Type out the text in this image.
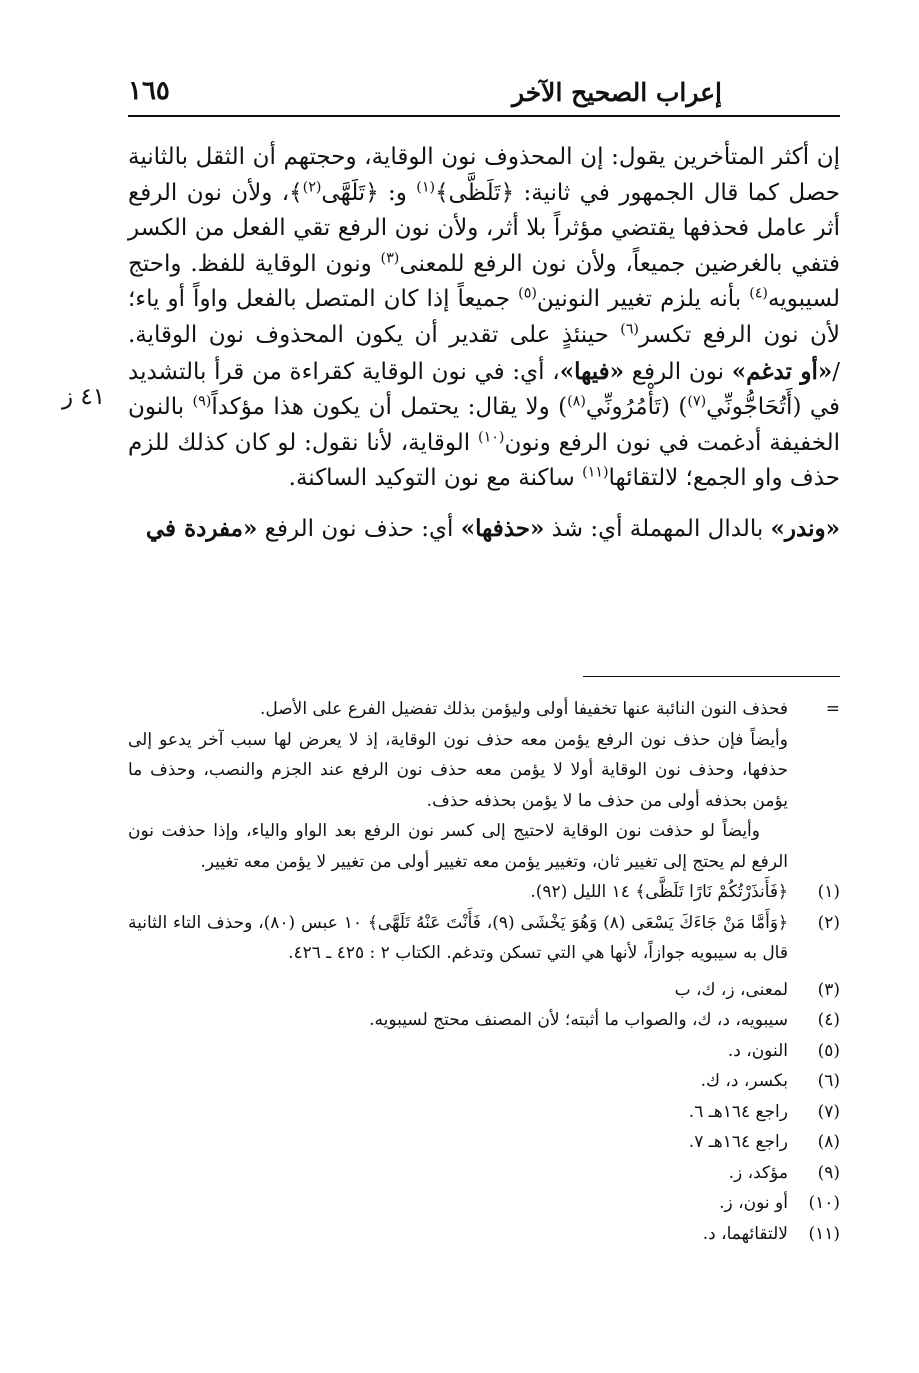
إعراب الصحيح الآخر
١٦٥
٤١ ز

إن أكثر المتأخرين يقول: إن المحذوف نون الوقاية، وحجتهم أن الثقل بالثانية حصل كما قال الجمهور في ثانية: ﴿تَلَظَّى﴾$^{(١)}$ و: ﴿تَلَهَّى$^{(٢)}$﴾، ولأن نون الرفع أثر عامل فحذفها يقتضي مؤثراً بلا أثر، ولأن نون الرفع تقي الفعل من الكسر فتفي بالغرضين جميعاً، ولأن نون الرفع للمعنى$^{(٣)}$ ونون الوقاية للفظ. واحتج لسيبويه$^{(٤)}$ بأنه يلزم تغيير النونين$^{(٥)}$ جميعاً إذا كان المتصل بالفعل واواً أو ياء؛ لأن نون الرفع تكسر$^{(٦)}$ حينئذٍ على تقدير أن يكون المحذوف نون الوقاية. /«أو تدغم» نون الرفع «فيها»، أي: في نون الوقاية كقراءة من قرأ بالتشديد في (أَتُحَاجُّونِّي$^{(٧)}$) (تَأْمُرُونِّي$^{(٨)}$) ولا يقال: يحتمل أن يكون هذا مؤكداً$^{(٩)}$ بالنون الخفيفة أدغمت في نون الرفع ونون$^{(١٠)}$ الوقاية، لأنا نقول: لو كان كذلك للزم حذف واو الجمع؛ لالتقائها$^{(١١)}$ ساكنة مع نون التوكيد الساكنة.

«وندر» بالدال المهملة أي: شذ «حذفها» أي: حذف نون الرفع «مفردة في

=
فحذف النون النائبة عنها تخفيفا أولى وليؤمن بذلك تفضيل الفرع على الأصل.
وأيضاً فإن حذف نون الرفع يؤمن معه حذف نون الوقاية، إذ لا يعرض لها سبب آخر يدعو إلى حذفها، وحذف نون الوقاية أولا لا يؤمن معه حذف نون الرفع عند الجزم والنصب، وحذف ما يؤمن بحذفه أولى من حذف ما لا يؤمن بحذفه حذف.
وأيضاً لو حذفت نون الوقاية لاحتيج إلى كسر نون الرفع بعد الواو والياء، وإذا حذفت نون الرفع لم يحتج إلى تغيير ثان، وتغيير يؤمن معه تغيير أولى من تغيير لا يؤمن معه تغيير.
(١)
﴿فَأَنذَرْتُكُمْ نَارًا تَلَظَّى﴾ ١٤ الليل (٩٢).
(٢)
﴿وَأَمَّا مَنْ جَاءَكَ يَسْعَى (٨) وَهُوَ يَخْشَى (٩)، فَأَنْتَ عَنْهُ تَلَهَّى﴾ ١٠ عبس (٨٠)، وحذف التاء الثانية قال به سيبويه جوازاً، لأنها هي التي تسكن وتدغم. الكتاب ٢ : ٤٢٥ ـ ٤٢٦.
(٣)
لمعنى، ز، ك، ب
(٤)
سيبويه، د، ك، والصواب ما أثبته؛ لأن المصنف محتج لسيبويه.
(٥)
النون، د.
(٦)
بكسر، د، ك.
(٧)
راجع ١٦٤هـ ٦.
(٨)
راجع ١٦٤هـ ٧.
(٩)
مؤكد، ز.
(١٠)
أو نون، ز.
(١١)
لالتقائهما، د.
